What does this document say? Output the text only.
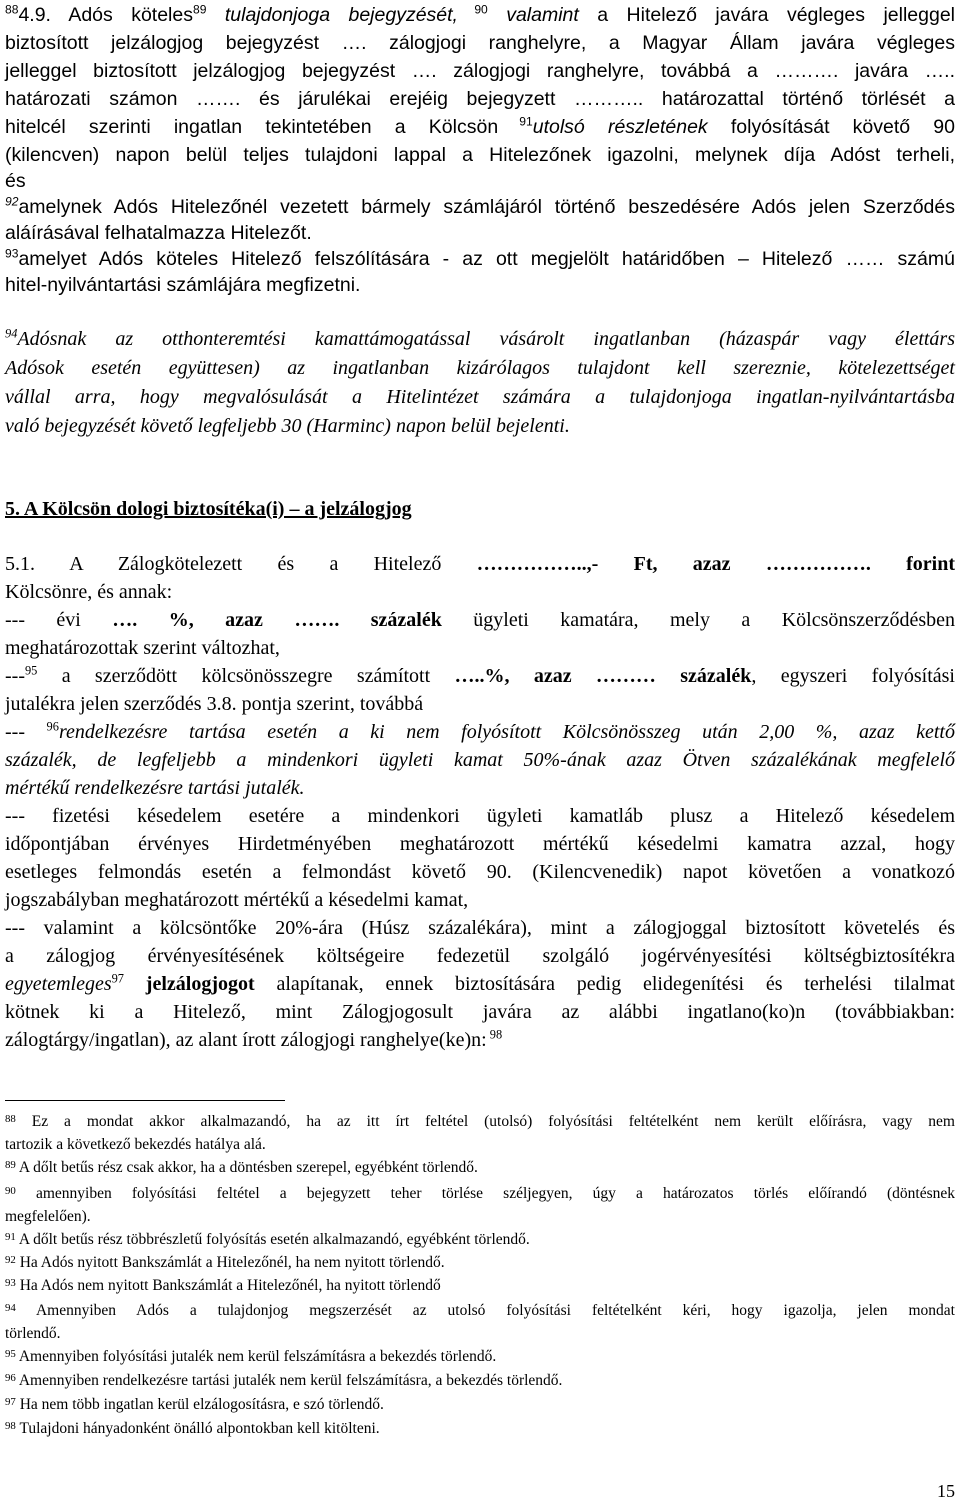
$^{88}$4.9. Adós köteles$^{89}$ tulajdonjoga bejegyzését, $^{90}$ valamint a Hitelező javára végleges jelleggel
biztosított jelzálogjog bejegyzést …. zálogjogi ranghelyre, a Magyar Állam javára végleges
jelleggel biztosított jelzálogjog bejegyzést …. zálogjogi ranghelyre, továbbá a ………. javára …..
határozati számon ……. és járulékai erejéig bejegyzett ……….. határozattal történő törlését a
hitelcél szerinti ingatlan tekintetében a Kölcsön $^{91}$utolsó részletének folyósítását követő 90
(kilencven) napon belül teljes tulajdoni lappal a Hitelezőnek igazolni, melynek díja Adóst terheli,
és
$^{92}$amelynek Adós Hitelezőnél vezetett bármely számlájáról történő beszedésére Adós jelen Szerződés
aláírásával felhatalmazza Hitelezőt.
$^{93}$amelyet Adós köteles Hitelező felszólítására - az ott megjelölt határidőben – Hitelező …… számú
hitel-nyilvántartási számlájára megfizetni.
$^{94}$Adósnak az otthonteremtési kamattámogatással vásárolt ingatlanban (házaspár vagy élettárs
Adósok esetén együttesen) az ingatlanban kizárólagos tulajdont kell szereznie, kötelezettséget
vállal arra, hogy megvalósulását a Hitelintézet számára a tulajdonjoga ingatlan-nyilvántartásba
való bejegyzését követő legfeljebb 30 (Harminc) napon belül bejelenti.
5. A Kölcsön dologi biztosítéka(i) – a jelzálogjog
5.1. A Zálogkötelezett és a Hitelező ……………..,- Ft, azaz ……………. forint
Kölcsönre, és annak:
--- évi …. %, azaz ……. százalék ügyleti kamatára, mely a Kölcsönszerződésben
meghatározottak szerint változhat,
---$^{95}$ a szerződött kölcsönösszegre számított …..%, azaz ……… százalék, egyszeri folyósítási
jutalékra jelen szerződés 3.8. pontja szerint, továbbá
--- $^{96}$rendelkezésre tartása esetén a ki nem folyósított Kölcsönösszeg után 2,00 %, azaz kettő
százalék, de legfeljebb a mindenkori ügyleti kamat 50%-ának azaz Ötven százalékának megfelelő
mértékű rendelkezésre tartási jutalék.
--- fizetési késedelem esetére a mindenkori ügyleti kamatláb plusz a Hitelező késedelem
időpontjában érvényes Hirdetményében meghatározott mértékű késedelmi kamatra azzal, hogy
esetleges felmondás esetén a felmondást követő 90. (Kilencvenedik) napot követően a vonatkozó
jogszabályban meghatározott mértékű a késedelmi kamat,
--- valamint a kölcsöntőke 20%-ára (Húsz százalékára), mint a zálogjoggal biztosított követelés és
a zálogjog érvényesítésének költségeire fedezetül szolgáló jogérvényesítési költségbiztosítékra
egyetemleges$^{97}$ jelzálogjogot alapítanak, ennek biztosítására pedig elidegenítési és terhelési tilalmat
kötnek ki a Hitelező, mint Zálogjogosult javára az alábbi ingatlano(ko)n (továbbiakban:
zálogtárgy/ingatlan), az alant írott zálogjogi ranghelye(ke)n: $^{98}$
$^{88}$ Ez a mondat akkor alkalmazandó, ha az itt írt feltétel (utolsó) folyósítási feltételként nem került előírásra, vagy nem
tartozik a következő bekezdés hatálya alá.
$^{89}$ A dőlt betűs rész csak akkor, ha a döntésben szerepel, egyébként törlendő.
$^{90}$ amennyiben folyósítási feltétel a bejegyzett teher törlése széljegyen, úgy a határozatos törlés előírandó (döntésnek
megfelelően).
$^{91}$ A dőlt betűs rész többrészletű folyósítás esetén alkalmazandó, egyébként törlendő.
$^{92}$ Ha Adós nyitott Bankszámlát a Hitelezőnél, ha nem nyitott törlendő.
$^{93}$ Ha Adós nem nyitott Bankszámlát a Hitelezőnél, ha nyitott törlendő
$^{94}$ Amennyiben Adós a tulajdonjog megszerzését az utolsó folyósítási feltételként kéri, hogy igazolja, jelen mondat
törlendő.
$^{95}$ Amennyiben folyósítási jutalék nem kerül felszámításra a bekezdés törlendő.
$^{96}$ Amennyiben rendelkezésre tartási jutalék nem kerül felszámításra, a bekezdés törlendő.
$^{97}$ Ha nem több ingatlan kerül elzálogosításra, e szó törlendő.
$^{98}$ Tulajdoni hányadonként önálló alpontokban kell kitölteni.
15
